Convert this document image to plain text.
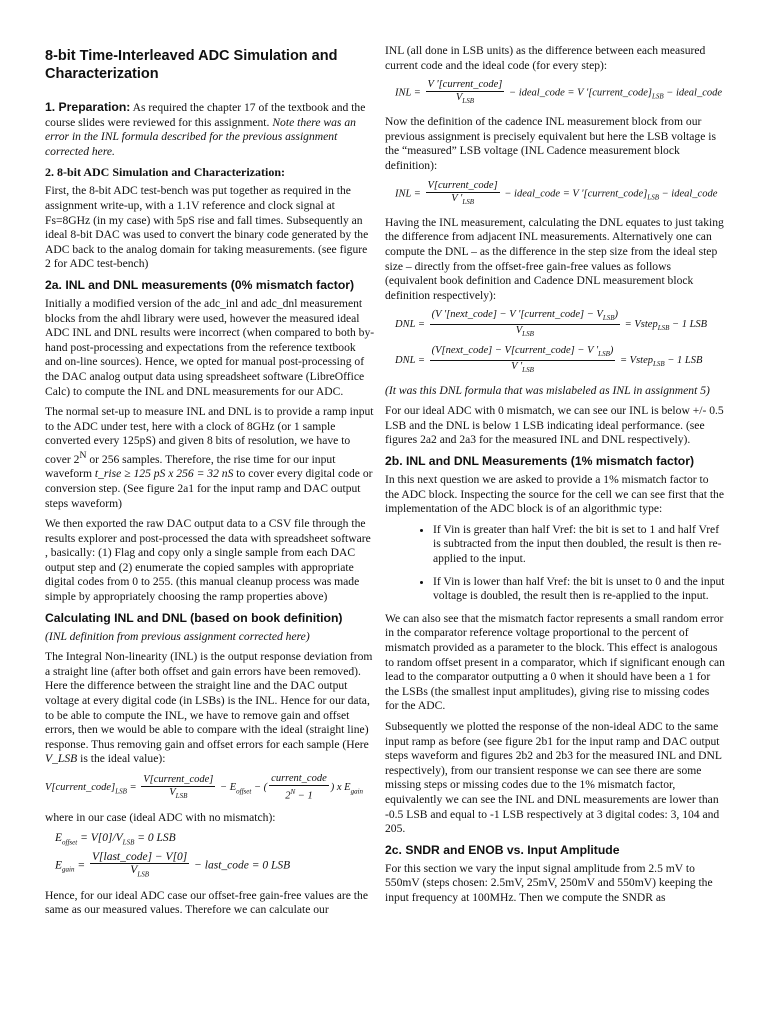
8-bit Time-Interleaved ADC Simulation and Characterization

1. Preparation: As required the chapter 17 of the textbook and the course slides were reviewed for this assignment. Note there was an error in the INL formula described for the previous assignment corrected here.

2. 8-bit ADC Simulation and Characterization:

First, the 8-bit ADC test-bench was put together as required in the assignment write-up, with a 1.1V reference and clock signal at Fs=8GHz (in my case) with 5pS rise and fall times. Subsequently an ideal 8-bit DAC was used to convert the binary code generated by the ADC back to the analog domain for taking measurements. (see figure 2 for ADC test-bench)

2a. INL and DNL measurements (0% mismatch factor)

Initially a modified version of the adc_inl and adc_dnl measurement blocks from the ahdl library were used, however the measured ideal ADC INL and DNL results were incorrect (when compared to both by-hand post-processing and expectations from the reference textbook and on-line sources). Hence, we opted for manual post-processing of the DAC analog output data using spreadsheet software (LibreOffice Calc) to compute the INL and DNL measurements for our ADC.

The normal set-up to measure INL and DNL is to provide a ramp input to the ADC under test, here with a clock of 8GHz (or 1 sample converted every 125pS) and given 8 bits of resolution, we have to cover $2^N$ or 256 samples. Therefore, the rise time for our input waveform t_rise ≥ 125 pS x 256 = 32 nS to cover every digital code or conversion step. (See figure 2a1 for the input ramp and DAC output steps waveform)

We then exported the raw DAC output data to a CSV file through the results explorer and post-processed the data with spreadsheet software , basically: (1) Flag and copy only a single sample from each DAC output step and (2) enumerate the copied samples with appropriate digital codes from 0 to 255. (this manual cleanup process was made simple by appropriately choosing the ramp properties above)

Calculating INL and DNL (based on book definition)

(INL definition from previous assignment corrected here)

The Integral Non-linearity (INL) is the output response deviation from a straight line (after both offset and gain errors have been removed). Here the difference between the straight line and the DAC output voltage at every digital code (in LSBs) is the INL. Hence for our data, to be able to compute the INL, we have to remove gain and offset errors, then we would be able to compare with the ideal (straight line) response. Thus removing gain and offset errors for each sample (Here V_LSB is the ideal value):

$V[current\_code]_{LSB} = \frac{\text{V[current\_code]}}{V_{LSB}} - E_{offset}$ − ( $\frac{\text{current\_code}}{2^N - 1}$ ) x $E_{gain}$

where in our case (ideal ADC with no mismatch):

$E_{offset} = V[0]/V_{LSB} = 0$ LSB
$E_{gain} = \frac{\text{V[last\_code] − V[0]}}{V_{LSB}}$ − last_code = 0 LSB

Hence, for our ideal ADC case our offset-free gain-free values are the same as our measured values. Therefore we can calculate our

INL (all done in LSB units) as the difference between each measured current code and the ideal code (for every step):

INL = $\frac{\text{V '[current\_code]}}{V_{LSB}}$ − ideal_code = V '$[current\_code]_{LSB}$ − ideal_code

Now the definition of the cadence INL measurement block from our previous assignment is precisely equivalent but here the LSB voltage is the “measured” LSB voltage (INL Cadence measurement block definition):

INL = $\frac{\text{V[current\_code]}}{V '_{LSB}}$ − ideal_code = V '$[current\_code]_{LSB}$ − ideal_code

Having the INL measurement, calculating the DNL equates to just taking the difference from adjacent INL measurements. Alternatively one can compute the DNL – as the difference in the step size from the ideal step size – directly from the offset-free gain-free values as follows (equivalent book definition and Cadence DNL measurement block definition respectively):

DNL = $\frac{(V '[next\_code] - V '[current\_code] - V_{LSB})}{V_{LSB}}$ = Vstep$_{LSB}$ − 1 LSB
DNL = $\frac{(V[next\_code] - V[current\_code] - V '_{LSB})}{V '_{LSB}}$ = Vstep$_{LSB}$ − 1 LSB

(It was this DNL formula that was mislabeled as INL in assignment 5)

For our ideal ADC with 0 mismatch, we can see our INL is below +/- 0.5 LSB and the DNL is below 1 LSB indicating ideal performance. (see figures 2a2 and 2a3 for the measured INL and DNL respectively).

2b. INL and DNL Measurements (1% mismatch factor)

In this next question we are asked to provide a 1% mismatch factor to the ADC block. Inspecting the source for the cell we can see first that the implementation of the ADC block is of an algorithmic type:

• If Vin is greater than half Vref: the bit is set to 1 and half Vref is subtracted from the input then doubled, the result is then re-applied to the input.
• If Vin is lower than half Vref: the bit is unset to 0 and the input voltage is doubled, the result then is re-applied to the input.

We can also see that the mismatch factor represents a small random error in the comparator reference voltage proportional to the percent of mismatch provided as a parameter to the block. This effect is analogous to random offset present in a comparator, which if significant enough can lead to the comparator outputting a 0 when it should have been a 1 for the LSBs (the smallest input amplitudes), giving rise to missing codes for the ADC.

Subsequently we plotted the response of the non-ideal ADC to the same input ramp as before (see figure 2b1 for the input ramp and DAC output steps waveform and figures 2b2 and 2b3 for the measured INL and DNL respectively), from our transient response we can see there are some missing steps or missing codes due to the 1% mismatch factor, equivalently we can see the INL and DNL measurements are lower than -0.5 LSB and equal to -1 LSB respectively at 3 digital codes: 3, 104 and 205.

2c. SNDR and ENOB vs. Input Amplitude

For this section we vary the input signal amplitude from 2.5 mV to 550mV (steps chosen: 2.5mV, 25mV, 250mV and 550mV) keeping the input frequency at 100MHz. Then we compute the SNDR as
